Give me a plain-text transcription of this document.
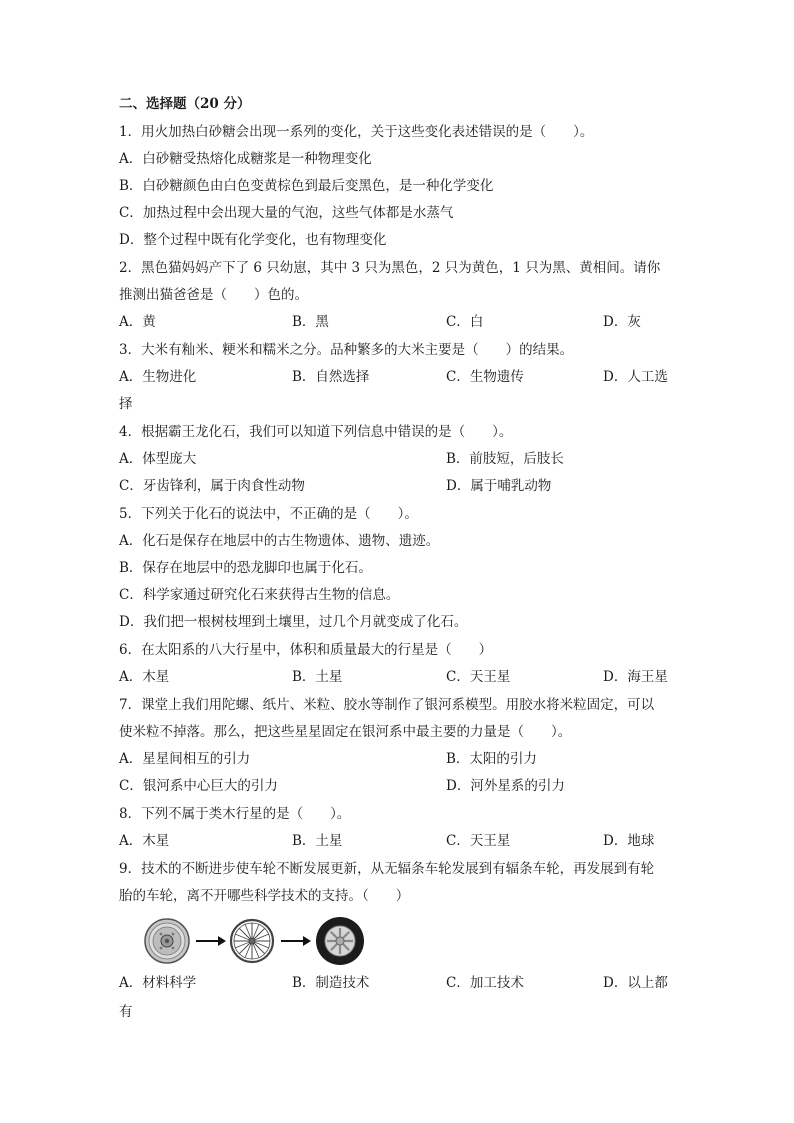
二、选择题（20 分）
1．用火加热白砂糖会出现一系列的变化，关于这些变化表述错误的是（　　）。
A．白砂糖受热熔化成糖浆是一种物理变化
B．白砂糖颜色由白色变黄棕色到最后变黑色，是一种化学变化
C．加热过程中会出现大量的气泡，这些气体都是水蒸气
D．整个过程中既有化学变化，也有物理变化
2．黑色猫妈妈产下了 6 只幼崽，其中 3 只为黑色，2 只为黄色，1 只为黑、黄相间。请你
推测出猫爸爸是（　　）色的。
A．黄	B．黑	C．白	D．灰
3．大米有籼米、粳米和糯米之分。品种繁多的大米主要是（　　）的结果。
A．生物进化	B．自然选择	C．生物遗传	D．人工选
择
4．根据霸王龙化石，我们可以知道下列信息中错误的是（　　）。
A．体型庞大	B．前肢短，后肢长
C．牙齿锋利，属于肉食性动物	D．属于哺乳动物
5．下列关于化石的说法中，不正确的是（　　）。
A．化石是保存在地层中的古生物遗体、遗物、遗迹。
B．保存在地层中的恐龙脚印也属于化石。
C．科学家通过研究化石来获得古生物的信息。
D．我们把一根树枝埋到土壤里，过几个月就变成了化石。
6．在太阳系的八大行星中，体积和质量最大的行星是（　　）
A．木星	B．土星	C．天王星	D．海王星
7．课堂上我们用陀螺、纸片、米粒、胶水等制作了银河系模型。用胶水将米粒固定，可以
使米粒不掉落。那么，把这些星星固定在银河系中最主要的力量是（　　）。
A．星星间相互的引力	B．太阳的引力
C．银河系中心巨大的引力	D．河外星系的引力
8．下列不属于类木行星的是（　　）。
A．木星	B．土星	C．天王星	D．地球
9．技术的不断进步使车轮不断发展更新，从无辐条车轮发展到有辐条车轮，再发展到有轮
胎的车轮，离不开哪些科学技术的支持。（　　）
A．材料科学	B．制造技术	C．加工技术	D．以上都
有
